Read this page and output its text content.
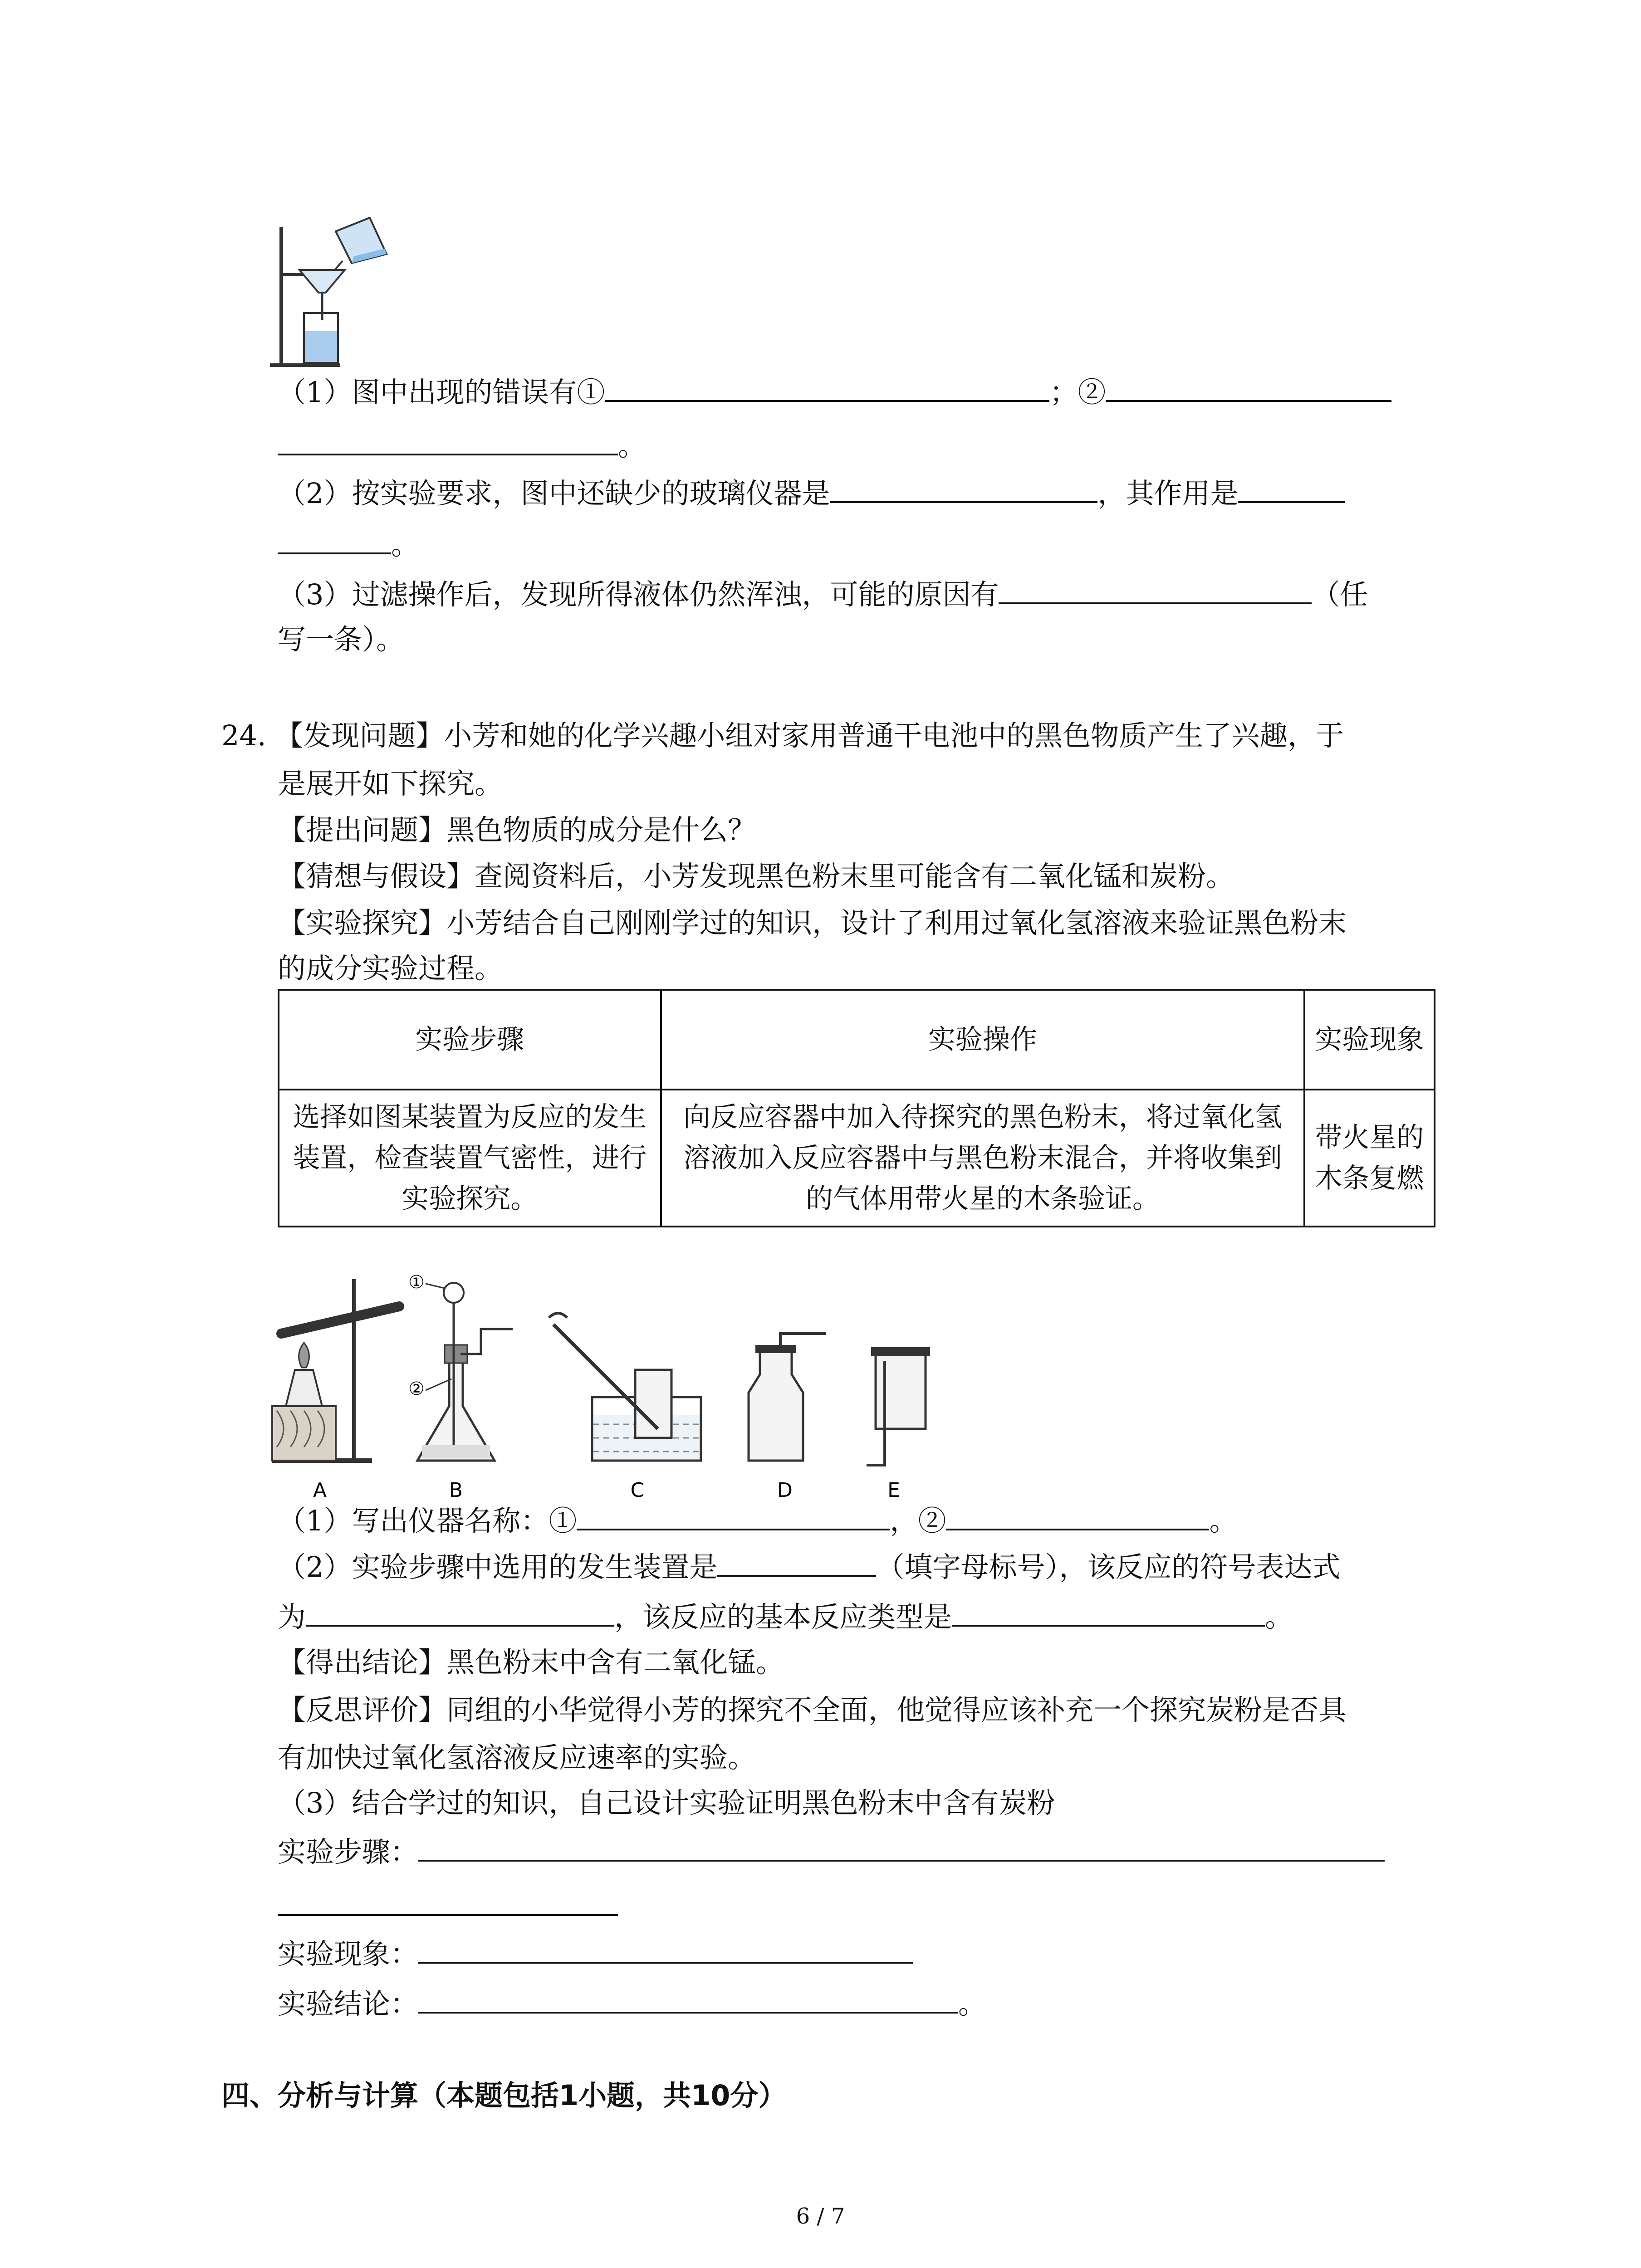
（1）图中出现的错误有①	；②
。
（2）按实验要求，图中还缺少的玻璃仪器是	，其作用是
。
（3）过滤操作后，发现所得液体仍然浑浊，可能的原因有	（任
写一条）。
24. 【发现问题】小芳和她的化学兴趣小组对家用普通干电池中的黑色物质产生了兴趣，于
是展开如下探究。
【提出问题】黑色物质的成分是什么？
【猜想与假设】查阅资料后，小芳发现黑色粉末里可能含有二氧化锰和炭粉。
【实验探究】小芳结合自己刚刚学过的知识，设计了利用过氧化氢溶液来验证黑色粉末
的成分实验过程。
实验步骤	实验操作	实验现象
选择如图某装置为反应的发生装置，检查装置气密性，进行实验探究。	向反应容器中加入待探究的黑色粉末，将过氧化氢溶液加入反应容器中与黑色粉末混合，并将收集到的气体用带火星的木条验证。	带火星的木条复燃
A
①
②
B	C	D	E
（1）写出仪器名称：①	，②	。
（2）实验步骤中选用的发生装置是	（填字母标号），该反应的符号表达式
为	，该反应的基本反应类型是	。
【得出结论】黑色粉末中含有二氧化锰。
【反思评价】同组的小华觉得小芳的探究不全面，他觉得应该补充一个探究炭粉是否具
有加快过氧化氢溶液反应速率的实验。
（3）结合学过的知识，自己设计实验证明黑色粉末中含有炭粉
实验步骤：
实验现象：
实验结论：	。
四、分析与计算（本题包括1小题，共10分）
6 / 7
